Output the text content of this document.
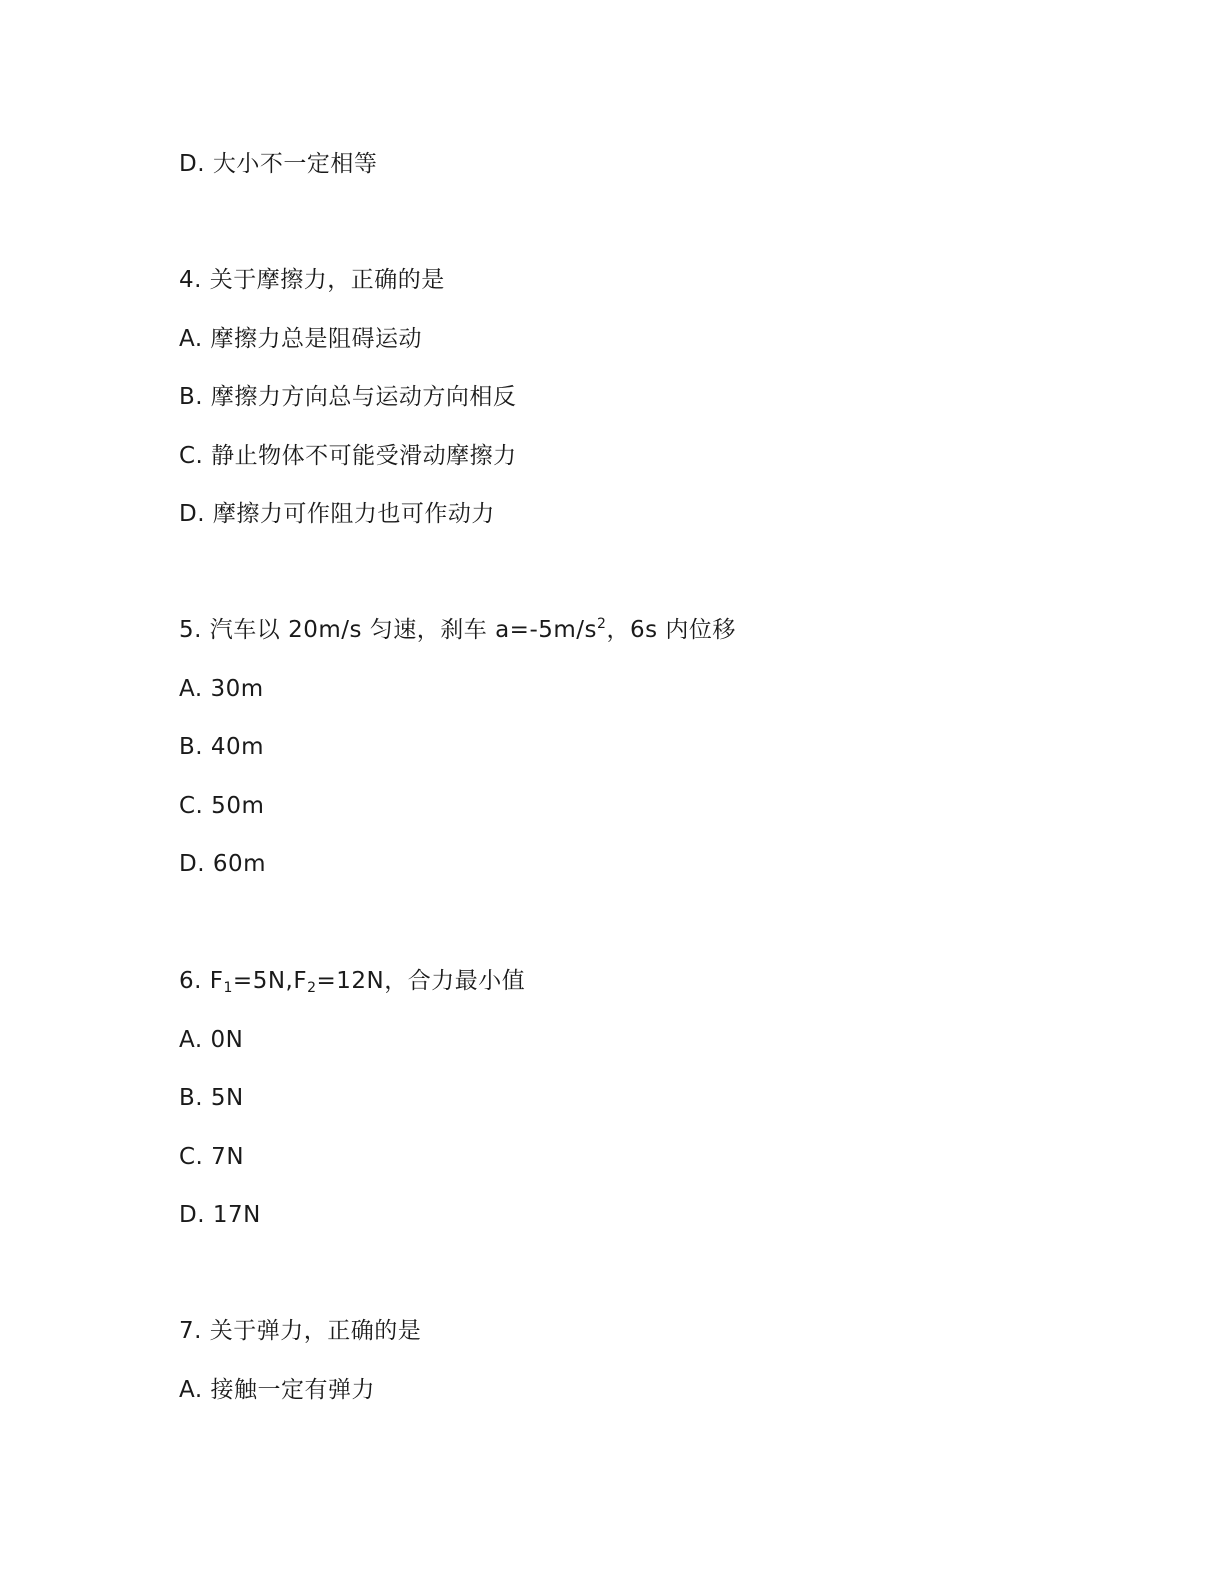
D. 大小不一定相等
4. 关于摩擦力，正确的是
A. 摩擦力总是阻碍运动
B. 摩擦力方向总与运动方向相反
C. 静止物体不可能受滑动摩擦力
D. 摩擦力可作阻力也可作动力
5. 汽车以 20m/s 匀速，刹车 $a=-5m/s^2$，6s 内位移
A. 30m
B. 40m
C. 50m
D. 60m
6. $F_1=5N,F_2=12N$，合力最小值
A. 0N
B. 5N
C. 7N
D. 17N
7. 关于弹力，正确的是
A. 接触一定有弹力
